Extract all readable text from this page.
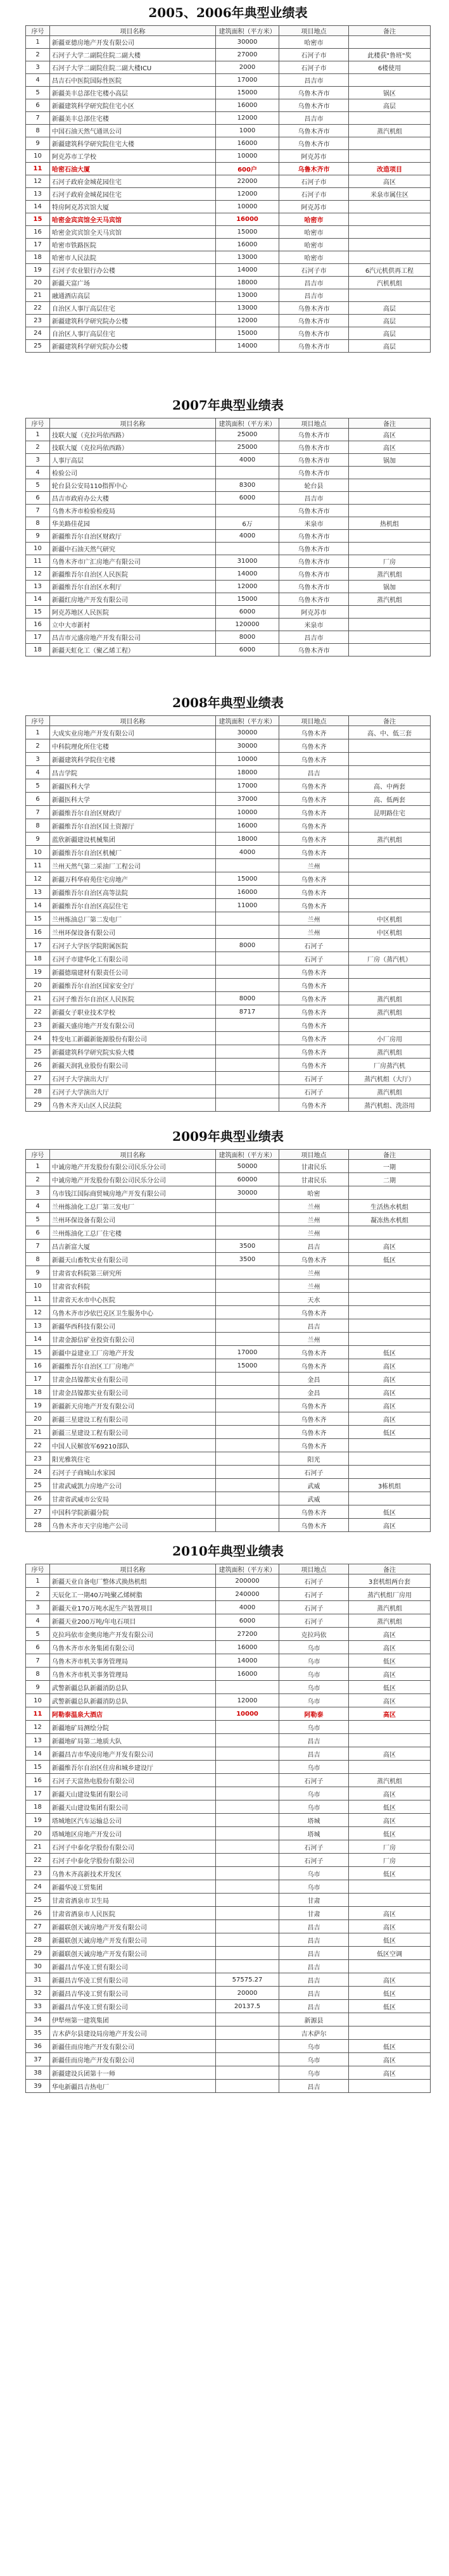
2005、2006年典型业绩表
序号	项目名称	建筑面积（平方米）	项目地点	备注
1	新疆亚德房地产开发有限公司	30000	哈密市	
2	石河子大学二副院住院二副大楼	27000	石河子市	此楼获"鲁班"奖
3	石河子大学二副院住院二副大楼ICU	2000	石河子市	6楼使用
4	昌吉石中医院国际性医院	17000	昌吉市	
5	新疆美丰总部住宅楼小高层	15000	乌鲁木齐市	锅区
6	新疆建筑科学研究院住宅小区	16000	乌鲁木齐市	高层
7	新疆美丰总部住宅楼	12000	昌吉市	
8	中国石油天然气通讯公司	1000	乌鲁木齐市	蒸汽机组
9	新疆建筑科学研究院住宅大楼	16000	乌鲁木齐市	
10	阿克苏市工学校	10000	阿克苏市	
11	哈密石油大厦	600户	乌鲁木齐市	改造项目
12	石河子政府金城花园住宅	22000	石河子市	高区
13	石河子政府金城花园住宅	12000	石河子市	米泉市属住区
14	特房阿克苏宾馆大厦	10000	阿克苏市	
15	哈密金宾宾馆全天马宾馆	16000	哈密市	
16	哈密金宾宾馆全天马宾馆	15000	哈密市	
17	哈密市铁路医院	16000	哈密市	
18	哈密市人民法院	13000	哈密市	
19	石河子农业银行办公楼	14000	石河子市	6汽元机供再工程
20	新疆天富广场	18000	昌吉市	汽机机组
21	融通酒店高层	13000	昌吉市	
22	自治区人事厅高层住宅	13000	乌鲁木齐市	高层
23	新疆建筑科学研究院办公楼	12000	乌鲁木齐市	高层
24	自治区人事厅高层住宅	15000	乌鲁木齐市	高层
25	新疆建筑科学研究院办公楼	14000	乌鲁木齐市	高层
2007年典型业绩表
序号	项目名称	建筑面积（平方米）	项目地点	备注
1	技联大厦（克拉玛依西路）	25000	乌鲁木齐市	高区
2	技联大厦（克拉玛依西路）	25000	乌鲁木齐市	高区
3	人事厅高层	4000	乌鲁木齐市	锅加
4	检验公司		乌鲁木齐市	
5	轮台县公安局110指挥中心	8300	轮台县	
6	昌吉市政府办公大楼	6000	昌吉市	
7	乌鲁木齐市检验检疫局		乌鲁木齐市	
8	华美路佳花园	6万	米泉市	热机组
9	新疆维吾尔自治区财政厅	4000	乌鲁木齐市	
10	新疆中石油天然气研究		乌鲁木齐市	
11	乌鲁木齐市广汇房地产有限公司	31000	乌鲁木齐市	厂房
12	新疆维吾尔自治区人民医院	14000	乌鲁木齐市	蒸汽机组
13	新疆维吾尔自治区水利厅	12000	乌鲁木齐市	锅加
14	新疆红房地产开发有限公司	15000	乌鲁木齐市	蒸汽机组
15	阿克苏地区人民医院	6000	阿克苏市	
16	立中大市新村	120000	米泉市	
17	昌吉市元盛房地产开发有限公司	8000	昌吉市	
18	新疆天虹化工（聚乙烯工程）	6000	乌鲁木齐市	
2008年典型业绩表
序号	项目名称	建筑面积（平方米）	项目地点	备注
1	大成实业房地产开发有限公司	30000	乌鲁木齐	高、中、低三套
2	中科院理化所住宅楼	30000	乌鲁木齐	
3	新疆建筑科学院住宅楼	10000	乌鲁木齐	
4	昌吉学院	18000	昌吉	
5	新疆医科大学	17000	乌鲁木齐	高、中两套
6	新疆医科大学	37000	乌鲁木齐	高、低两套
7	新疆维吾尔自治区财政厅	10000	乌鲁木齐	昆明路住宅
8	新疆维吾尔自治区国土资源厅	16000	乌鲁木齐	
9	蓝欣新疆建设机械集团	18000	乌鲁木齐	蒸汽机组
10	新疆维吾尔自治区机械厂	4000	乌鲁木齐	
11	兰州天然气第二采油厂工程公司		兰州	
12	新疆万科华府苑住宅房地产	15000	乌鲁木齐	
13	新疆维吾尔自治区高等法院	16000	乌鲁木齐	
14	新疆维吾尔自治区高层住宅	11000	乌鲁木齐	
15	兰州炼油总厂第二发电厂		兰州	中区机组
16	兰州环保设备有限公司		兰州	中区机组
17	石河子大学医学院附属医院	8000	石河子	
18	石河子市建华化工有限公司		石河子	厂房（蒸汽机）
19	新疆德瑞建材有限责任公司		乌鲁木齐	
20	新疆维吾尔自治区国家安全厅		乌鲁木齐	
21	石河子维吾尔自治区人民医院	8000	乌鲁木齐	蒸汽机组
22	新疆女子职业技术学校	8717	乌鲁木齐	蒸汽机组
23	新疆天盛房地产开发有限公司		乌鲁木齐	
24	特变电工新疆新能源股份有限公司		乌鲁木齐	小厂房用
25	新疆建筑科学研究院实验大楼		乌鲁木齐	蒸汽机组
26	新疆天润乳业股份有限公司		乌鲁木齐	厂房蒸汽机
27	石河子大学演出大厅		石河子	蒸汽机组（大厅）
28	石河子大学演出大厅		石河子	蒸汽机组
29	乌鲁木齐天山区人民法院		乌鲁木齐	蒸汽机组、洗浴用
2009年典型业绩表
序号	项目名称	建筑面积（平方米）	项目地点	备注
1	中诚房地产开发股份有限公司民乐分公司	50000	甘肃民乐	一期
2	中诚房地产开发股份有限公司民乐分公司	60000	甘肃民乐	二期
3	乌市钱江国际商贸城房地产开发有限公司	30000	哈密	
4	兰州炼油化工总厂第三发电厂		兰州	生活热水机组
5	兰州环保设备有限公司		兰州	凝冻热水机组
6	兰州炼油化工总厂住宅楼		兰州	
7	昌吉新富大厦	3500	昌吉	高区
8	新疆天山畜牧实业有限公司	3500	乌鲁木齐	低区
9	甘肃省农科院第三研究所		兰州	
10	甘肃省农科院		兰州	
11	甘肃省天水市中心医院		天水	
12	乌鲁木齐市沙依巴克区卫生服务中心		乌鲁木齐	
13	新疆华西科技有限公司		昌吉	
14	甘肃金源信矿业投资有限公司		兰州	
15	新疆中益建业工厂房地产开发	17000	乌鲁木齐	低区
16	新疆维吾尔自治区工厂房地产	15000	乌鲁木齐	高区
17	甘肃金昌镍都实业有限公司		金昌	高区
18	甘肃金昌镍都实业有限公司		金昌	高区
19	新疆新天房地产开发有限公司		乌鲁木齐	高区
20	新疆三星建设工程有限公司		乌鲁木齐	高区
21	新疆三星建设工程有限公司		乌鲁木齐	低区
22	中国人民解放军69210部队		乌鲁木齐	
23	阳光雅筑住宅		阳光	
24	石河子子商城山水家园		石河子	
25	甘肃武威凯力房地产公司		武威	3栋机组
26	甘肃省武威市公安局		武威	
27	中国科学院新疆分院		乌鲁木齐	低区
28	乌鲁木齐市天宇房地产公司		乌鲁木齐	高区
2010年典型业绩表
序号	项目名称	建筑面积（平方米）	项目地点	备注
1	新疆天业自备电厂整体式换热机组	200000	石河子	3套机组两台套
2	天辰化工一期40万吨聚乙烯树脂	240000	石河子	蒸汽机组厂房用
3	新疆天业170万吨水泥生产装置项目	4000	石河子	蒸汽机组
4	新疆天业200万吨/年电石项目	6000	石河子	蒸汽机组
5	克拉玛依市金奥房地产开发有限公司	27200	克拉玛依	高区
6	乌鲁木齐市水务集团有限公司	16000	乌市	高区
7	乌鲁木齐市机关事务管理局	14000	乌市	低区
8	乌鲁木齐市机关事务管理局	16000	乌市	高区
9	武警新疆总队新疆消防总队		乌市	低区
10	武警新疆总队新疆消防总队	12000	乌市	高区
11	阿勒泰温泉大酒店	10000	阿勒泰	高区
12	新疆地矿局测绘分院		乌市	
13	新疆地矿局第二地质大队		昌吉	
14	新疆昌吉市华凌房地产开发有限公司		昌吉	高区
15	新疆维吾尔自治区住房和城乡建设厅		乌市	
16	石河子天富热电股份有限公司		石河子	蒸汽机组
17	新疆天山建设集团有限公司		乌市	高区
18	新疆天山建设集团有限公司		乌市	低区
19	塔城地区汽车运输总公司		塔城	高区
20	塔城地区房地产开发公司		塔城	低区
21	石河子中泰化学股份有限公司		石河子	厂房
22	石河子中泰化学股份有限公司		石河子	厂房
23	乌鲁木齐高新技术开发区		乌市	低区
24	新疆华凌工贸集团		乌市	
25	甘肃省酒泉市卫生局		甘肃	
26	甘肃省酒泉市人民医院		甘肃	高区
27	新疆联创天诚房地产开发有限公司		昌吉	高区
28	新疆联创天诚房地产开发有限公司		昌吉	低区
29	新疆联创天诚房地产开发有限公司		昌吉	低区空调
30	新疆昌吉华凌工贸有限公司		昌吉	
31	新疆昌吉华凌工贸有限公司	57575.27	昌吉	高区
32	新疆昌吉华凌工贸有限公司	20000	昌吉	低区
33	新疆昌吉华凌工贸有限公司	20137.5	昌吉	低区
34	伊犁州第一建筑集团		新源县	
35	吉木萨尔县建设局房地产开发公司		吉木萨尔	
36	新疆佳而房地产开发有限公司		乌市	低区
37	新疆佳而房地产开发有限公司		乌市	高区
38	新疆建设兵团第十一师		乌市	高区
39	华电新疆昌吉热电厂		昌吉	
